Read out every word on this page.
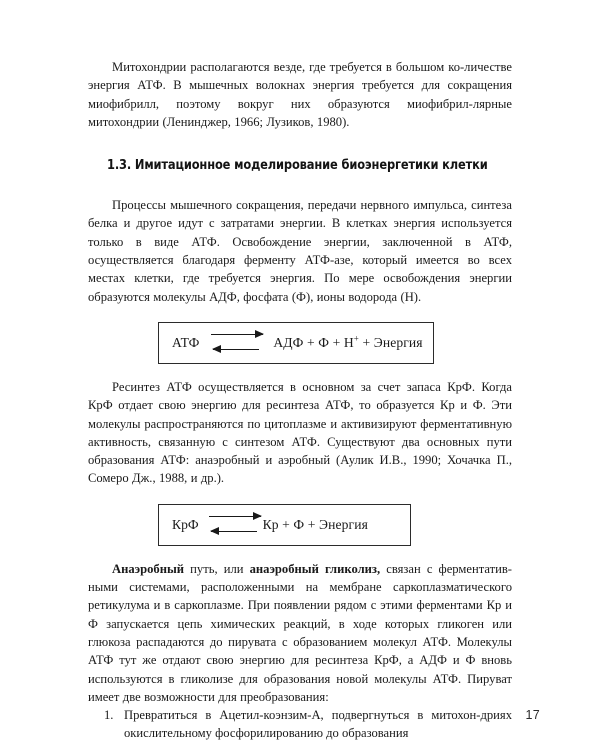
Митохондрии располагаются везде, где требуется в большом ко-личестве энергия АТФ. В мышечных волокнах энергия требуется для сокращения миофибрилл, поэтому вокруг них образуются миофибрил-лярные митохондрии (Ленинджер, 1966; Лузиков, 1980).

1.3. Имитационное моделирование биоэнергетики клетки

Процессы мышечного сокращения, передачи нервного импульса, синтеза белка и другое идут с затратами энергии. В клетках энергия используется только в виде АТФ. Освобождение энергии, заключенной в АТФ, осуществляется благодаря ферменту АТФ-азе, который имеется во всех местах клетки, где требуется энергия. По мере освобождения энергии образуются молекулы АДФ, фосфата (Ф), ионы водорода (Н).

АТФ	АДФ + Ф + H+ + Энергия

Ресинтез АТФ осуществляется в основном за счет запаса КрФ. Когда КрФ отдает свою энергию для ресинтеза АТФ, то образуется Кр и Ф. Эти молекулы распространяются по цитоплазме и активизируют ферментативную активность, связанную с синтезом АТФ. Существуют два основных пути образования АТФ: анаэробный и аэробный (Аулик И.В., 1990; Хочачка П., Сомеро Дж., 1988, и др.).

КрФ	Кр + Ф + Энергия

Анаэробный путь, или анаэробный гликолиз, связан с ферментатив-ными системами, расположенными на мембране саркоплазматического ретикулума и в саркоплазме. При появлении рядом с этими ферментами Кр и Ф запускается цепь химических реакций, в ходе которых гликоген или глюкоза распадаются до пирувата с образованием молекул АТФ. Молекулы АТФ тут же отдают свою энергию для ресинтеза КрФ, а АДФ и Ф вновь используются в гликолизе для образования новой молекулы АТФ. Пируват имеет две возможности для преобразования:

1. Превратиться в Ацетил-коэнзим-А, подвергнуться в митохон-дриях окислительному фосфорилированию до образования
17
